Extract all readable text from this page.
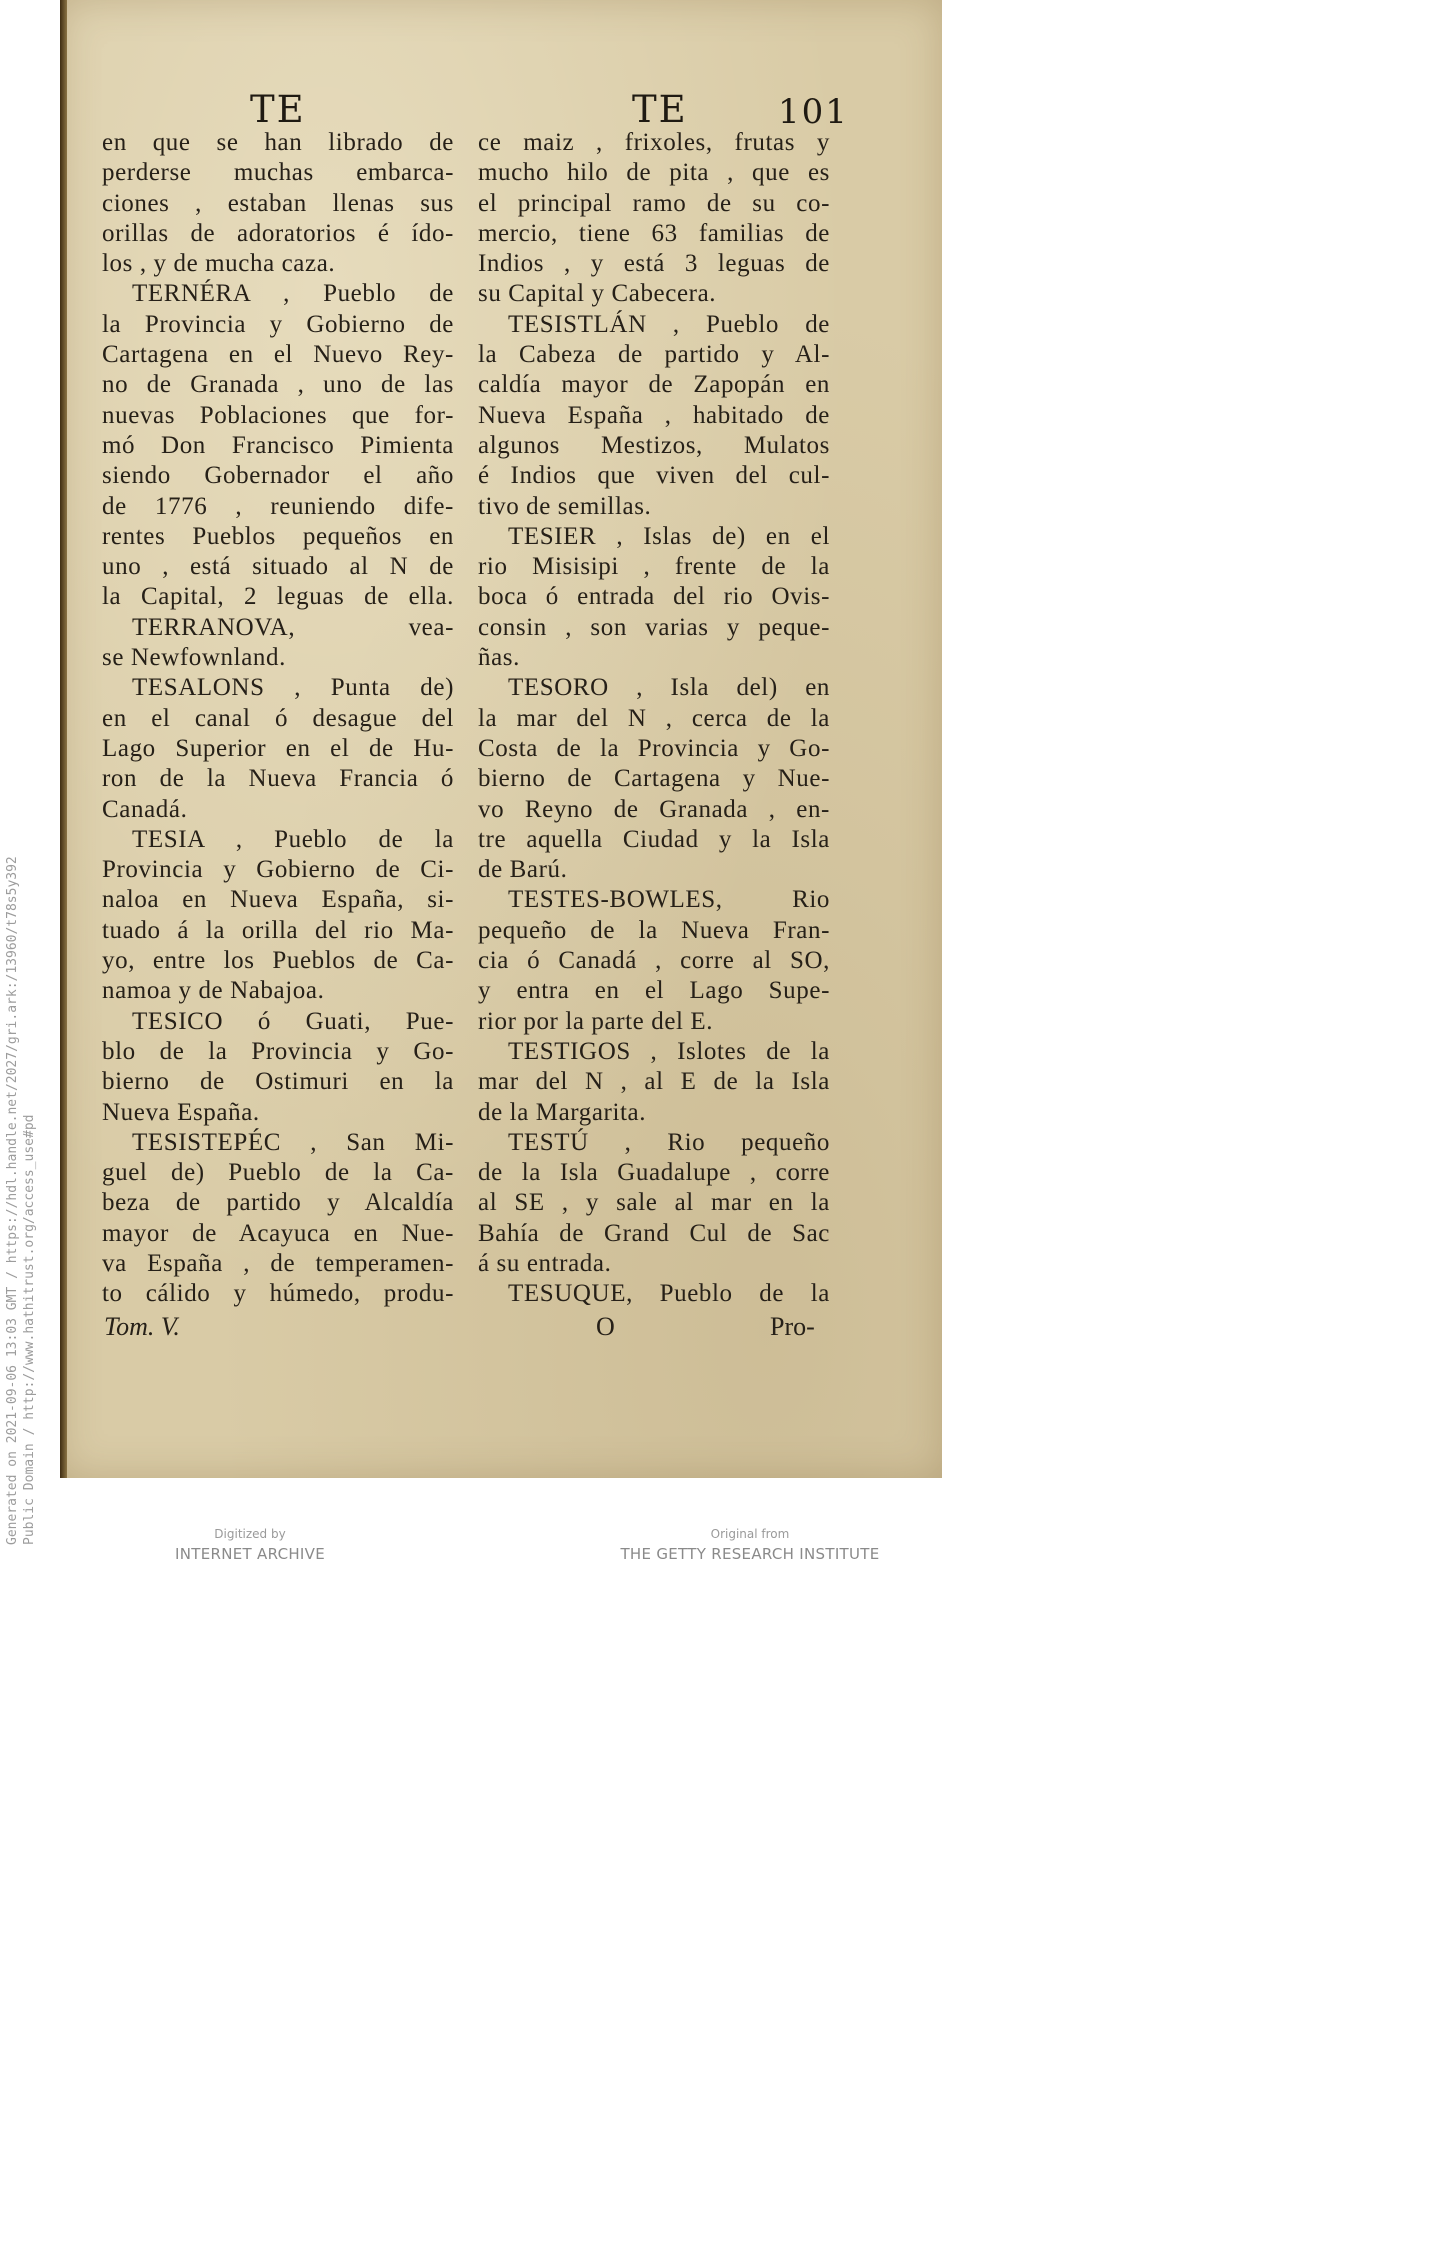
Generated on 2021-09-06 13:03 GMT / https://hdl.handle.net/2027/gri.ark:/13960/t78s5y392 Public Domain / http://www.hathitrust.org/access_use#pd
TE	TE	101
en que se han librado de
perderse muchas embarca-
ciones , estaban llenas sus
orillas de adoratorios é ído-
los , y de mucha caza.
TERNÉRA , Pueblo de
la Provincia y Gobierno de
Cartagena en el Nuevo Rey-
no de Granada , uno de las
nuevas Poblaciones que for-
mó Don Francisco Pimienta
siendo Gobernador el año
de 1776 , reuniendo dife-
rentes Pueblos pequeños en
uno , está situado al N de
la Capital, 2 leguas de ella.
TERRANOVA, vea-
se Newfownland.
TESALONS , Punta de)
en el canal ó desague del
Lago Superior en el de Hu-
ron de la Nueva Francia ó
Canadá.
TESIA , Pueblo de la
Provincia y Gobierno de Ci-
naloa en Nueva España, si-
tuado á la orilla del rio Ma-
yo, entre los Pueblos de Ca-
namoa y de Nabajoa.
TESICO ó Guati, Pue-
blo de la Provincia y Go-
bierno de Ostimuri en la
Nueva España.
TESISTEPÉC , San Mi-
guel de) Pueblo de la Ca-
beza de partido y Alcaldía
mayor de Acayuca en Nue-
va España , de temperamen-
to cálido y húmedo, produ-
ce maiz , frixoles, frutas y
mucho hilo de pita , que es
el principal ramo de su co-
mercio, tiene 63 familias de
Indios , y está 3 leguas de
su Capital y Cabecera.
TESISTLÁN , Pueblo de
la Cabeza de partido y Al-
caldía mayor de Zapopán en
Nueva España , habitado de
algunos Mestizos, Mulatos
é Indios que viven del cul-
tivo de semillas.
TESIER , Islas de) en el
rio Misisipi , frente de la
boca ó entrada del rio Ovis-
consin , son varias y peque-
ñas.
TESORO , Isla del) en
la mar del N , cerca de la
Costa de la Provincia y Go-
bierno de Cartagena y Nue-
vo Reyno de Granada , en-
tre aquella Ciudad y la Isla
de Barú.
TESTES-BOWLES, Rio
pequeño de la Nueva Fran-
cia ó Canadá , corre al SO,
y entra en el Lago Supe-
rior por la parte del E.
TESTIGOS , Islotes de la
mar del N , al E de la Isla
de la Margarita.
TESTÚ , Rio pequeño
de la Isla Guadalupe , corre
al SE , y sale al mar en la
Bahía de Grand Cul de Sac
á su entrada.
TESUQUE, Pueblo de la
Tom. V.	O	Pro-
Digitized by
INTERNET ARCHIVE
Original from
THE GETTY RESEARCH INSTITUTE
